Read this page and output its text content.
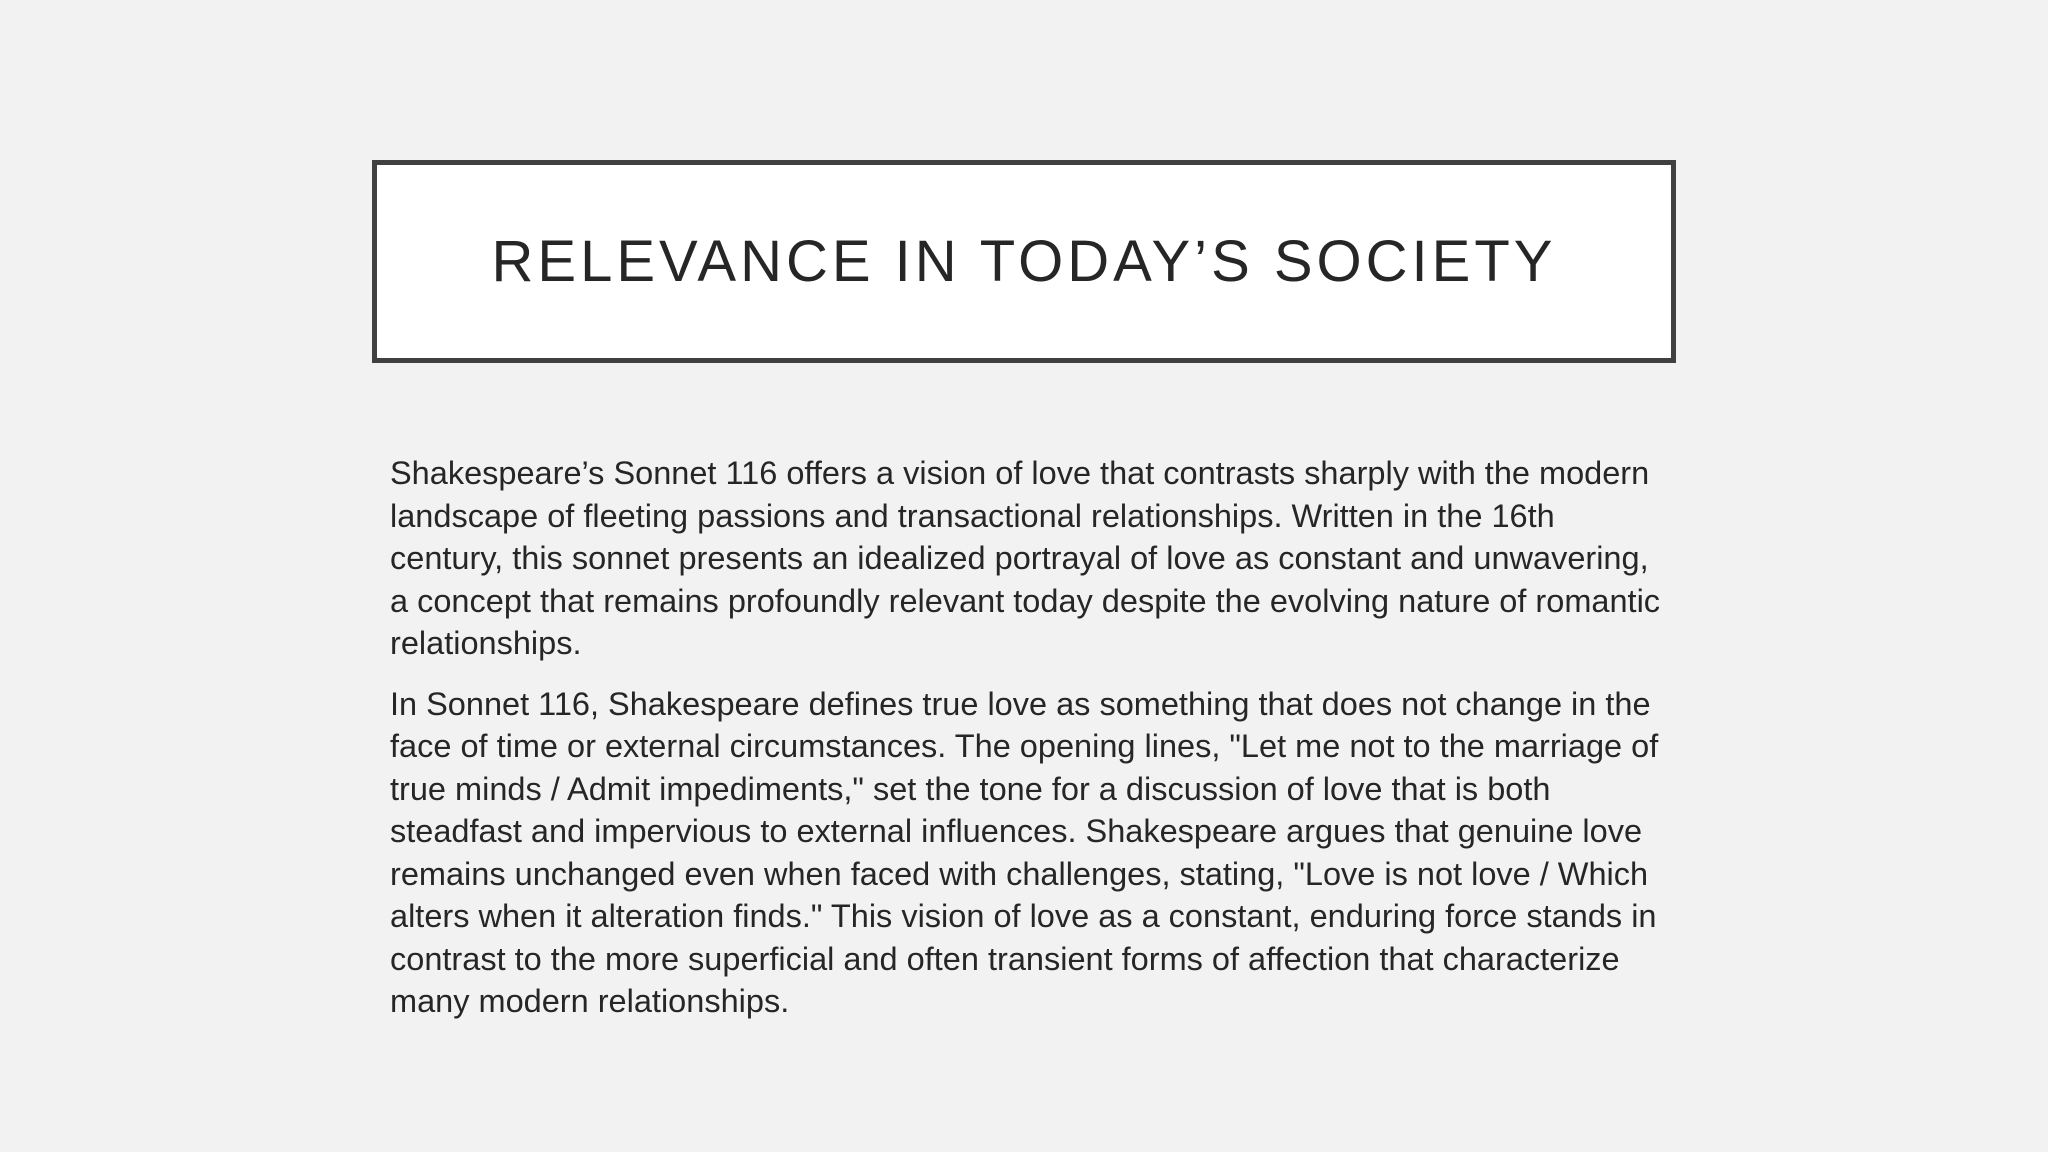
RELEVANCE IN TODAY’S SOCIETY

Shakespeare’s Sonnet 116 offers a vision of love that contrasts sharply with the modern landscape of fleeting passions and transactional relationships. Written in the 16th century, this sonnet presents an idealized portrayal of love as constant and unwavering, a concept that remains profoundly relevant today despite the evolving nature of romantic relationships.

In Sonnet 116, Shakespeare defines true love as something that does not change in the face of time or external circumstances. The opening lines, "Let me not to the marriage of true minds / Admit impediments," set the tone for a discussion of love that is both steadfast and impervious to external influences. Shakespeare argues that genuine love remains unchanged even when faced with challenges, stating, "Love is not love / Which alters when it alteration finds." This vision of love as a constant, enduring force stands in contrast to the more superficial and often transient forms of affection that characterize many modern relationships.
